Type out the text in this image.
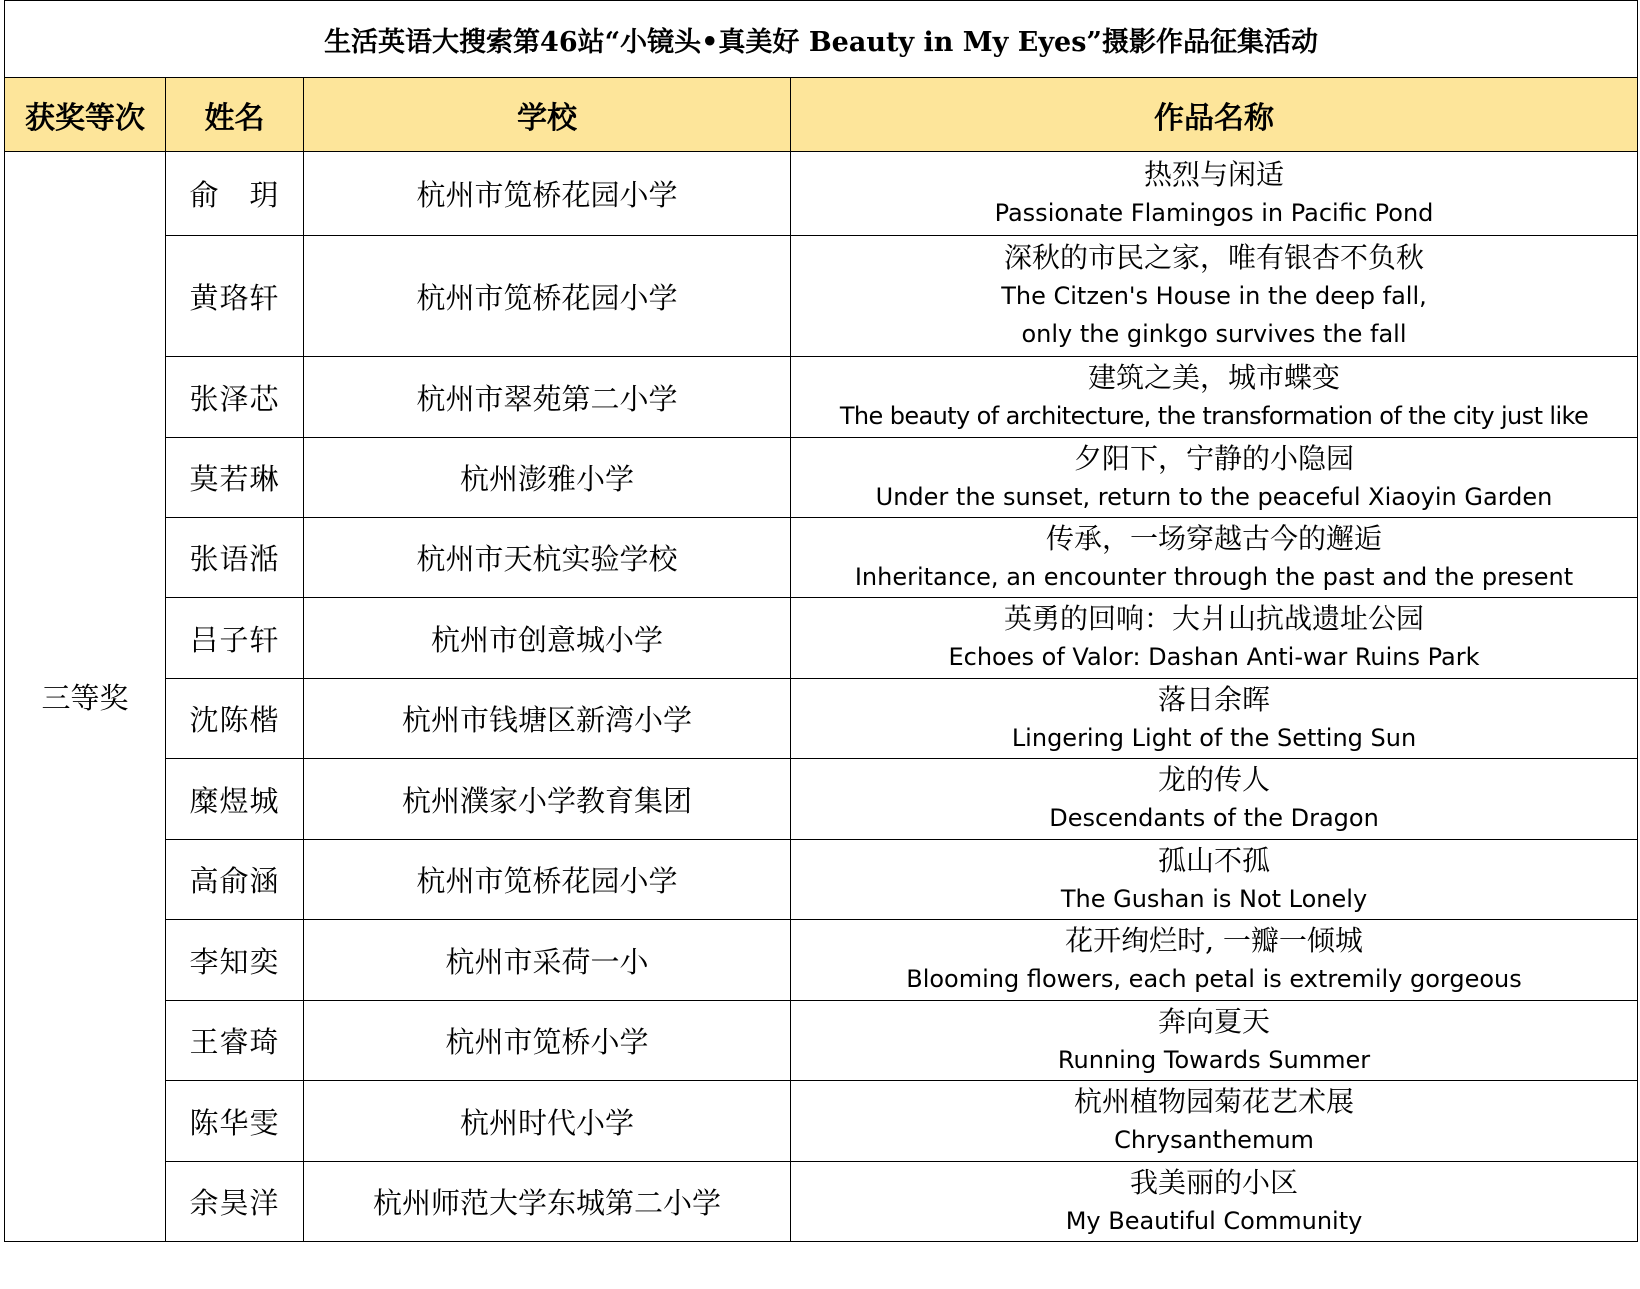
生活英语大搜索第46站“小镜头•真美好 Beauty in My Eyes”摄影作品征集活动			
获奖等次	姓名	学校	作品名称
三等奖	俞　玥	杭州市笕桥花园小学	热烈与闲适
Passionate Flamingos in Pacific Pond

	黄珞轩	杭州市笕桥花园小学	深秋的市民之家，唯有银杏不负秋
The Citzen's House in the deep fall,
only the ginkgo survives the fall

	张泽芯	杭州市翠苑第二小学	建筑之美，城市蝶变
The beauty of architecture, the transformation of the city just like

	莫若琳	杭州澎雅小学	夕阳下，宁静的小隐园
Under the sunset, return to the peaceful Xiaoyin Garden

	张语湉	杭州市天杭实验学校	传承，一场穿越古今的邂逅
Inheritance, an encounter through the past and the present

	吕子轩	杭州市创意城小学	英勇的回响：大爿山抗战遗址公园
Echoes of Valor: Dashan Anti-war Ruins Park

	沈陈楷	杭州市钱塘区新湾小学	落日余晖
Lingering Light of the Setting Sun

	糜煜城	杭州濮家小学教育集团	龙的传人
Descendants of the Dragon

	高俞涵	杭州市笕桥花园小学	孤山不孤
The Gushan is Not Lonely

	李知奕	杭州市采荷一小	花开绚烂时, 一瓣一倾城
Blooming flowers, each petal is extremily gorgeous

	王睿琦	杭州市笕桥小学	奔向夏天
Running Towards Summer

	陈华雯	杭州时代小学	杭州植物园菊花艺术展
Chrysanthemum

	余昊洋	杭州师范大学东城第二小学	我美丽的小区
My Beautiful Community
